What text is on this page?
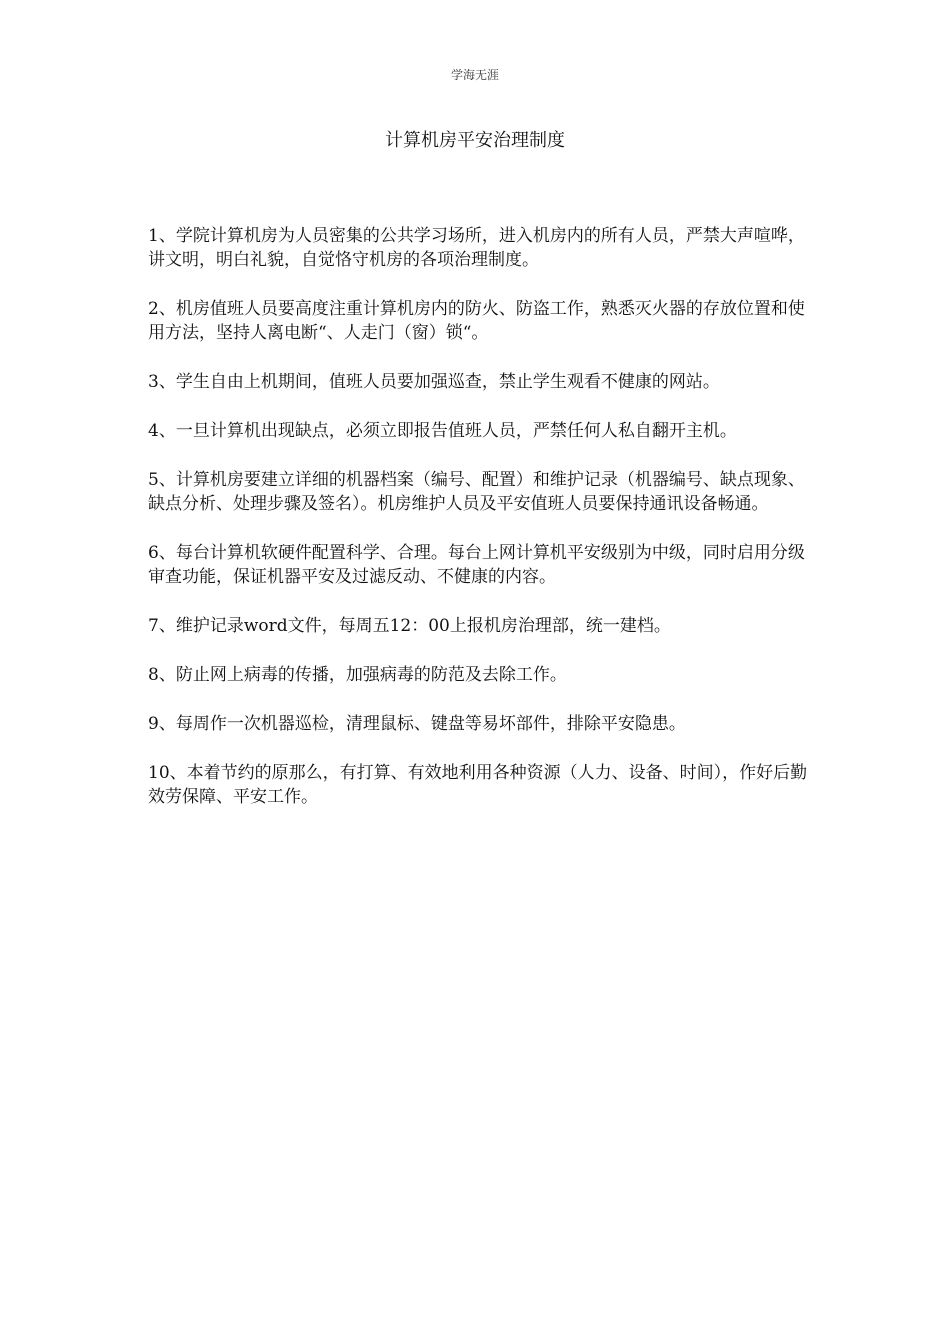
学海无涯
计算机房平安治理制度

1、学院计算机房为人员密集的公共学习场所，进入机房内的所有人员，严禁大声喧哗，讲文明，明白礼貌，自觉恪守机房的各项治理制度。

2、机房值班人员要高度注重计算机房内的防火、防盗工作，熟悉灭火器的存放位置和使用方法，坚持人离电断“、人走门（窗）锁“。

3、学生自由上机期间，值班人员要加强巡查，禁止学生观看不健康的网站。

4、一旦计算机出现缺点，必须立即报告值班人员，严禁任何人私自翻开主机。

5、计算机房要建立详细的机器档案（编号、配置）和维护记录（机器编号、缺点现象、缺点分析、处理步骤及签名）。机房维护人员及平安值班人员要保持通讯设备畅通。

6、每台计算机软硬件配置科学、合理。每台上网计算机平安级别为中级，同时启用分级审查功能，保证机器平安及过滤反动、不健康的内容。

7、维护记录word文件，每周五12：00上报机房治理部，统一建档。

8、防止网上病毒的传播，加强病毒的防范及去除工作。

9、每周作一次机器巡检，清理鼠标、键盘等易坏部件，排除平安隐患。

10、本着节约的原那么，有打算、有效地利用各种资源（人力、设备、时间），作好后勤效劳保障、平安工作。
